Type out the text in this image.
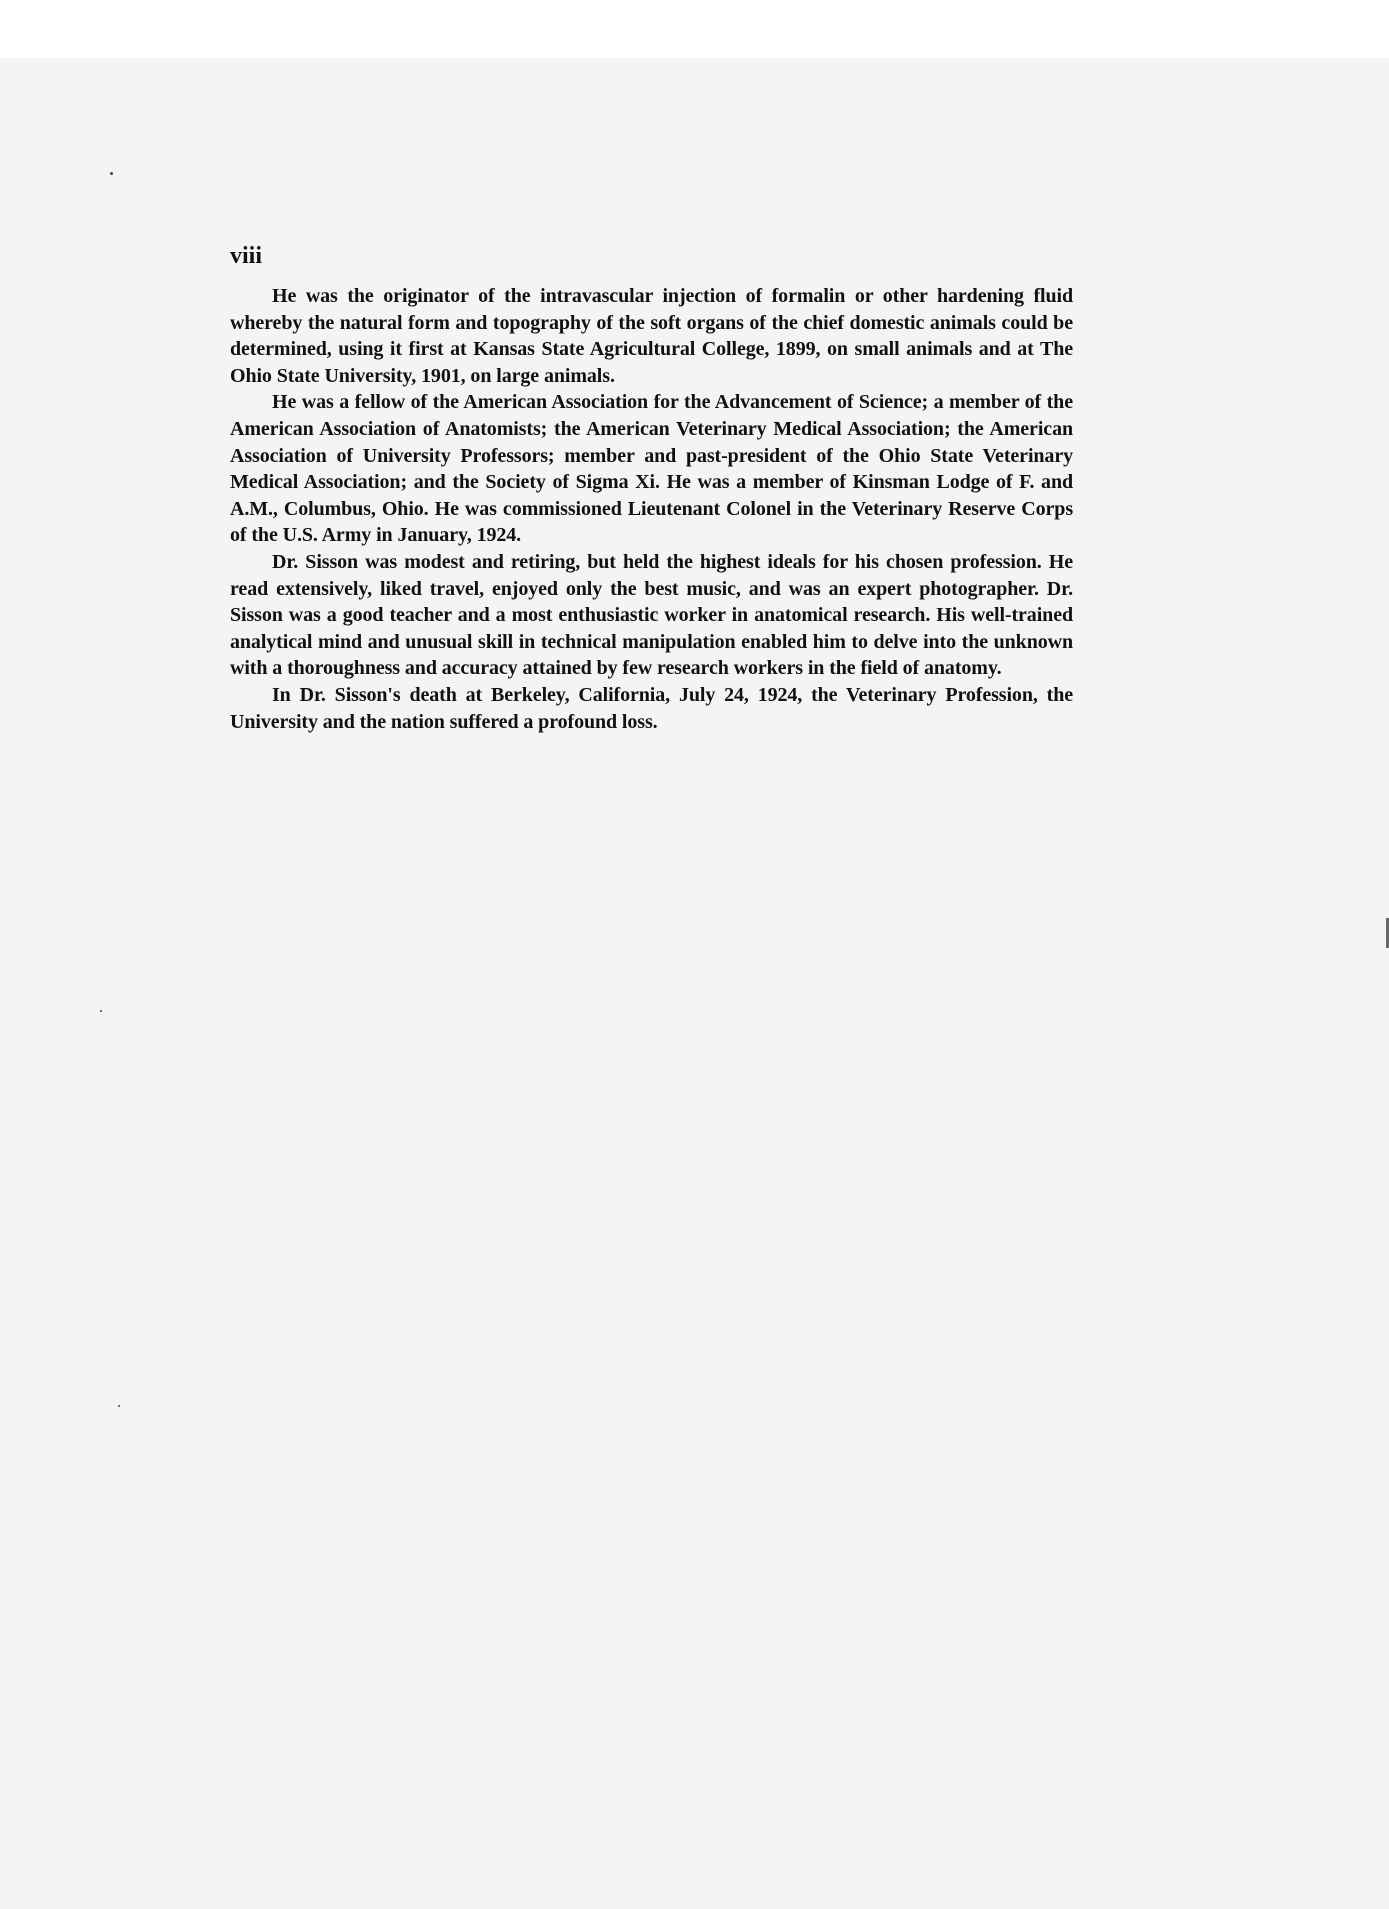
viii

He was the originator of the intravascular injection of formalin or other hardening fluid whereby the natural form and topography of the soft organs of the chief domestic animals could be determined, using it first at Kansas State Agricultural College, 1899, on small animals and at The Ohio State University, 1901, on large animals.

He was a fellow of the American Association for the Advancement of Science; a member of the American Association of Anatomists; the American Veterinary Medical Association; the American Association of University Professors; member and past-president of the Ohio State Veterinary Medical Association; and the Society of Sigma Xi. He was a member of Kinsman Lodge of F. and A.M., Columbus, Ohio. He was commissioned Lieutenant Colonel in the Veterinary Reserve Corps of the U.S. Army in January, 1924.

Dr. Sisson was modest and retiring, but held the highest ideals for his chosen profession. He read extensively, liked travel, enjoyed only the best music, and was an expert photographer. Dr. Sisson was a good teacher and a most enthusiastic worker in anatomical research. His well-trained analytical mind and unusual skill in technical manipulation enabled him to delve into the unknown with a thoroughness and accuracy attained by few research workers in the field of anatomy.

In Dr. Sisson's death at Berkeley, California, July 24, 1924, the Veterinary Profession, the University and the nation suffered a profound loss.
